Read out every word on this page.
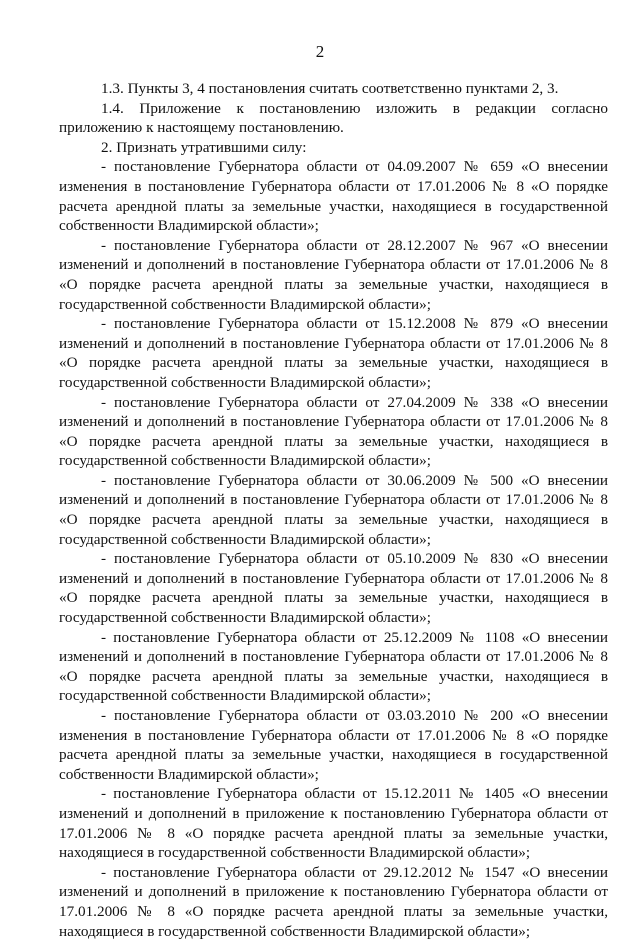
2

1.3. Пункты 3, 4 постановления считать соответственно пунктами 2, 3.

1.4. Приложение к постановлению изложить в редакции согласно приложению к настоящему постановлению.

2. Признать утратившими силу:

- постановление Губернатора области от 04.09.2007 № 659 «О внесении изменения в постановление Губернатора области от 17.01.2006 № 8 «О порядке расчета арендной платы за земельные участки, находящиеся в государственной собственности Владимирской области»;

- постановление Губернатора области от 28.12.2007 № 967 «О внесении изменений и дополнений в постановление Губернатора области от 17.01.2006 № 8 «О порядке расчета арендной платы за земельные участки, находящиеся в государственной собственности Владимирской области»;

- постановление Губернатора области от 15.12.2008 № 879 «О внесении изменений и дополнений в постановление Губернатора области от 17.01.2006 № 8 «О порядке расчета арендной платы за земельные участки, находящиеся в государственной собственности Владимирской области»;

- постановление Губернатора области от 27.04.2009 № 338 «О внесении изменений и дополнений в постановление Губернатора области от 17.01.2006 № 8 «О порядке расчета арендной платы за земельные участки, находящиеся в государственной собственности Владимирской области»;

- постановление Губернатора области от 30.06.2009 № 500 «О внесении изменений и дополнений в постановление Губернатора области от 17.01.2006 № 8 «О порядке расчета арендной платы за земельные участки, находящиеся в государственной собственности Владимирской области»;

- постановление Губернатора области от 05.10.2009 № 830 «О внесении изменений и дополнений в постановление Губернатора области от 17.01.2006 № 8 «О порядке расчета арендной платы за земельные участки, находящиеся в государственной собственности Владимирской области»;

- постановление Губернатора области от 25.12.2009 № 1108 «О внесении изменений и дополнений в постановление Губернатора области от 17.01.2006 № 8 «О порядке расчета арендной платы за земельные участки, находящиеся в государственной собственности Владимирской области»;

- постановление Губернатора области от 03.03.2010 № 200 «О внесении изменения в постановление Губернатора области от 17.01.2006 № 8 «О порядке расчета арендной платы за земельные участки, находящиеся в государственной собственности Владимирской области»;

- постановление Губернатора области от 15.12.2011 № 1405 «О внесении изменений и дополнений в приложение к постановлению Губернатора области от 17.01.2006 № 8 «О порядке расчета арендной платы за земельные участки, находящиеся в государственной собственности Владимирской области»;

- постановление Губернатора области от 29.12.2012 № 1547 «О внесении изменений и дополнений в приложение к постановлению Губернатора области от 17.01.2006 № 8 «О порядке расчета арендной платы за земельные участки, находящиеся в государственной собственности Владимирской области»;
